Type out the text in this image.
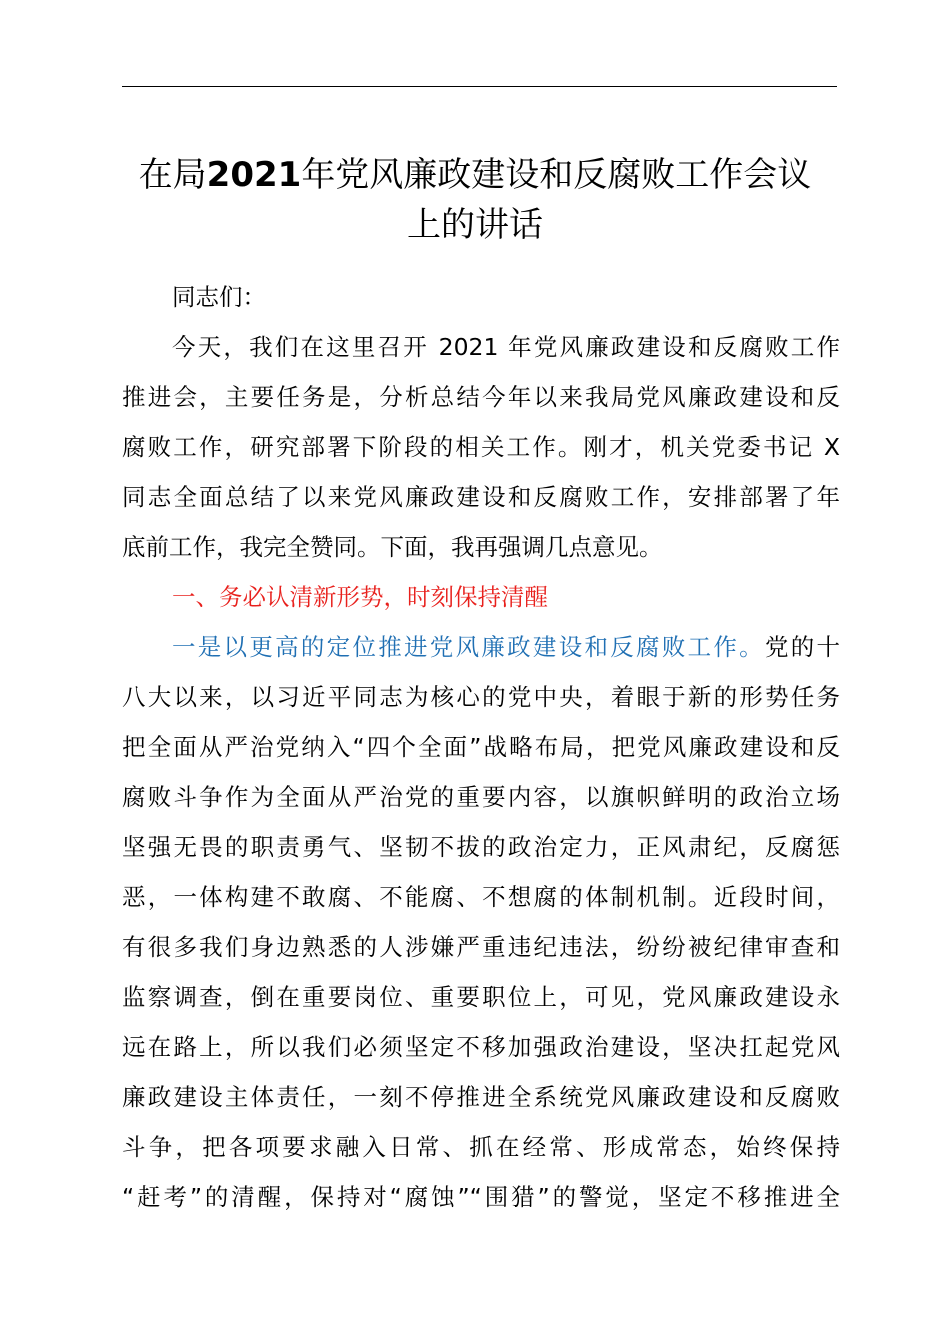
在局2021年党风廉政建设和反腐败工作会议
上的讲话
同志们：
今天，我们在这里召开 2021 年党风廉政建设和反腐败工作
推进会，主要任务是，分析总结今年以来我局党风廉政建设和反
腐败工作，研究部署下阶段的相关工作。刚才，机关党委书记 X
同志全面总结了以来党风廉政建设和反腐败工作，安排部署了年
底前工作，我完全赞同。下面，我再强调几点意见。
一、务必认清新形势，时刻保持清醒
一是以更高的定位推进党风廉政建设和反腐败工作。党的十
八大以来，以习近平同志为核心的党中央，着眼于新的形势任务
把全面从严治党纳入“四个全面”战略布局，把党风廉政建设和反
腐败斗争作为全面从严治党的重要内容，以旗帜鲜明的政治立场
坚强无畏的职责勇气、坚韧不拔的政治定力，正风肃纪，反腐惩
恶，一体构建不敢腐、不能腐、不想腐的体制机制。近段时间，
有很多我们身边熟悉的人涉嫌严重违纪违法，纷纷被纪律审查和
监察调查，倒在重要岗位、重要职位上，可见，党风廉政建设永
远在路上，所以我们必须坚定不移加强政治建设，坚决扛起党风
廉政建设主体责任，一刻不停推进全系统党风廉政建设和反腐败
斗争，把各项要求融入日常、抓在经常、形成常态，始终保持
“赶考”的清醒，保持对“腐蚀”“围猎”的警觉，坚定不移推进全
